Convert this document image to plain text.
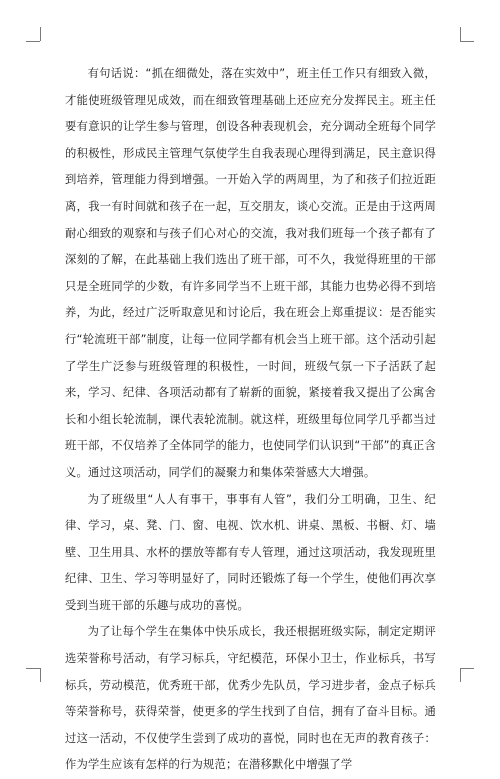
有句话说：“抓在细微处，落在实效中”，班主任工作只有细致入微，才能使班级管理见成效，而在细致管理基础上还应充分发挥民主。班主任要有意识的让学生参与管理，创设各种表现机会，充分调动全班每个同学的积极性，形成民主管理气氛使学生自我表现心理得到满足，民主意识得到培养，管理能力得到增强。一开始入学的两周里，为了和孩子们拉近距离，我一有时间就和孩子在一起，互交朋友，谈心交流。正是由于这两周耐心细致的观察和与孩子们心对心的交流，我对我们班每一个孩子都有了深刻的了解，在此基础上我们选出了班干部，可不久，我觉得班里的干部只是全班同学的少数，有许多同学当不上班干部，其能力也势必得不到培养，为此，经过广泛听取意见和讨论后，我在班会上郑重提议：是否能实行“轮流班干部”制度，让每一位同学都有机会当上班干部。这个活动引起了学生广泛参与班级管理的积极性，一时间，班级气氛一下子活跃了起来，学习、纪律、各项活动都有了崭新的面貌，紧接着我又提出了公寓舍长和小组长轮流制，课代表轮流制。就这样，班级里每位同学几乎都当过班干部，不仅培养了全体同学的能力，也使同学们认识到“干部”的真正含义。通过这项活动，同学们的凝聚力和集体荣誉感大大增强。

为了班级里“人人有事干，事事有人管”，我们分工明确，卫生、纪律、学习，桌、凳、门、窗、电视、饮水机、讲桌、黑板、书橱、灯、墙壁、卫生用具、水杯的摆放等都有专人管理，通过这项活动，我发现班里纪律、卫生、学习等明显好了，同时还锻炼了每一个学生，使他们再次享受到当班干部的乐趣与成功的喜悦。

为了让每个学生在集体中快乐成长，我还根据班级实际，制定定期评选荣誉称号活动，有学习标兵，守纪模范，环保小卫士，作业标兵，书写标兵，劳动模范，优秀班干部，优秀少先队员，学习进步者，金点子标兵等荣誉称号，获得荣誉，使更多的学生找到了自信，拥有了奋斗目标。通过这一活动，不仅使学生尝到了成功的喜悦，同时也在无声的教育孩子：作为学生应该有怎样的行为规范；在潜移默化中增强了学
